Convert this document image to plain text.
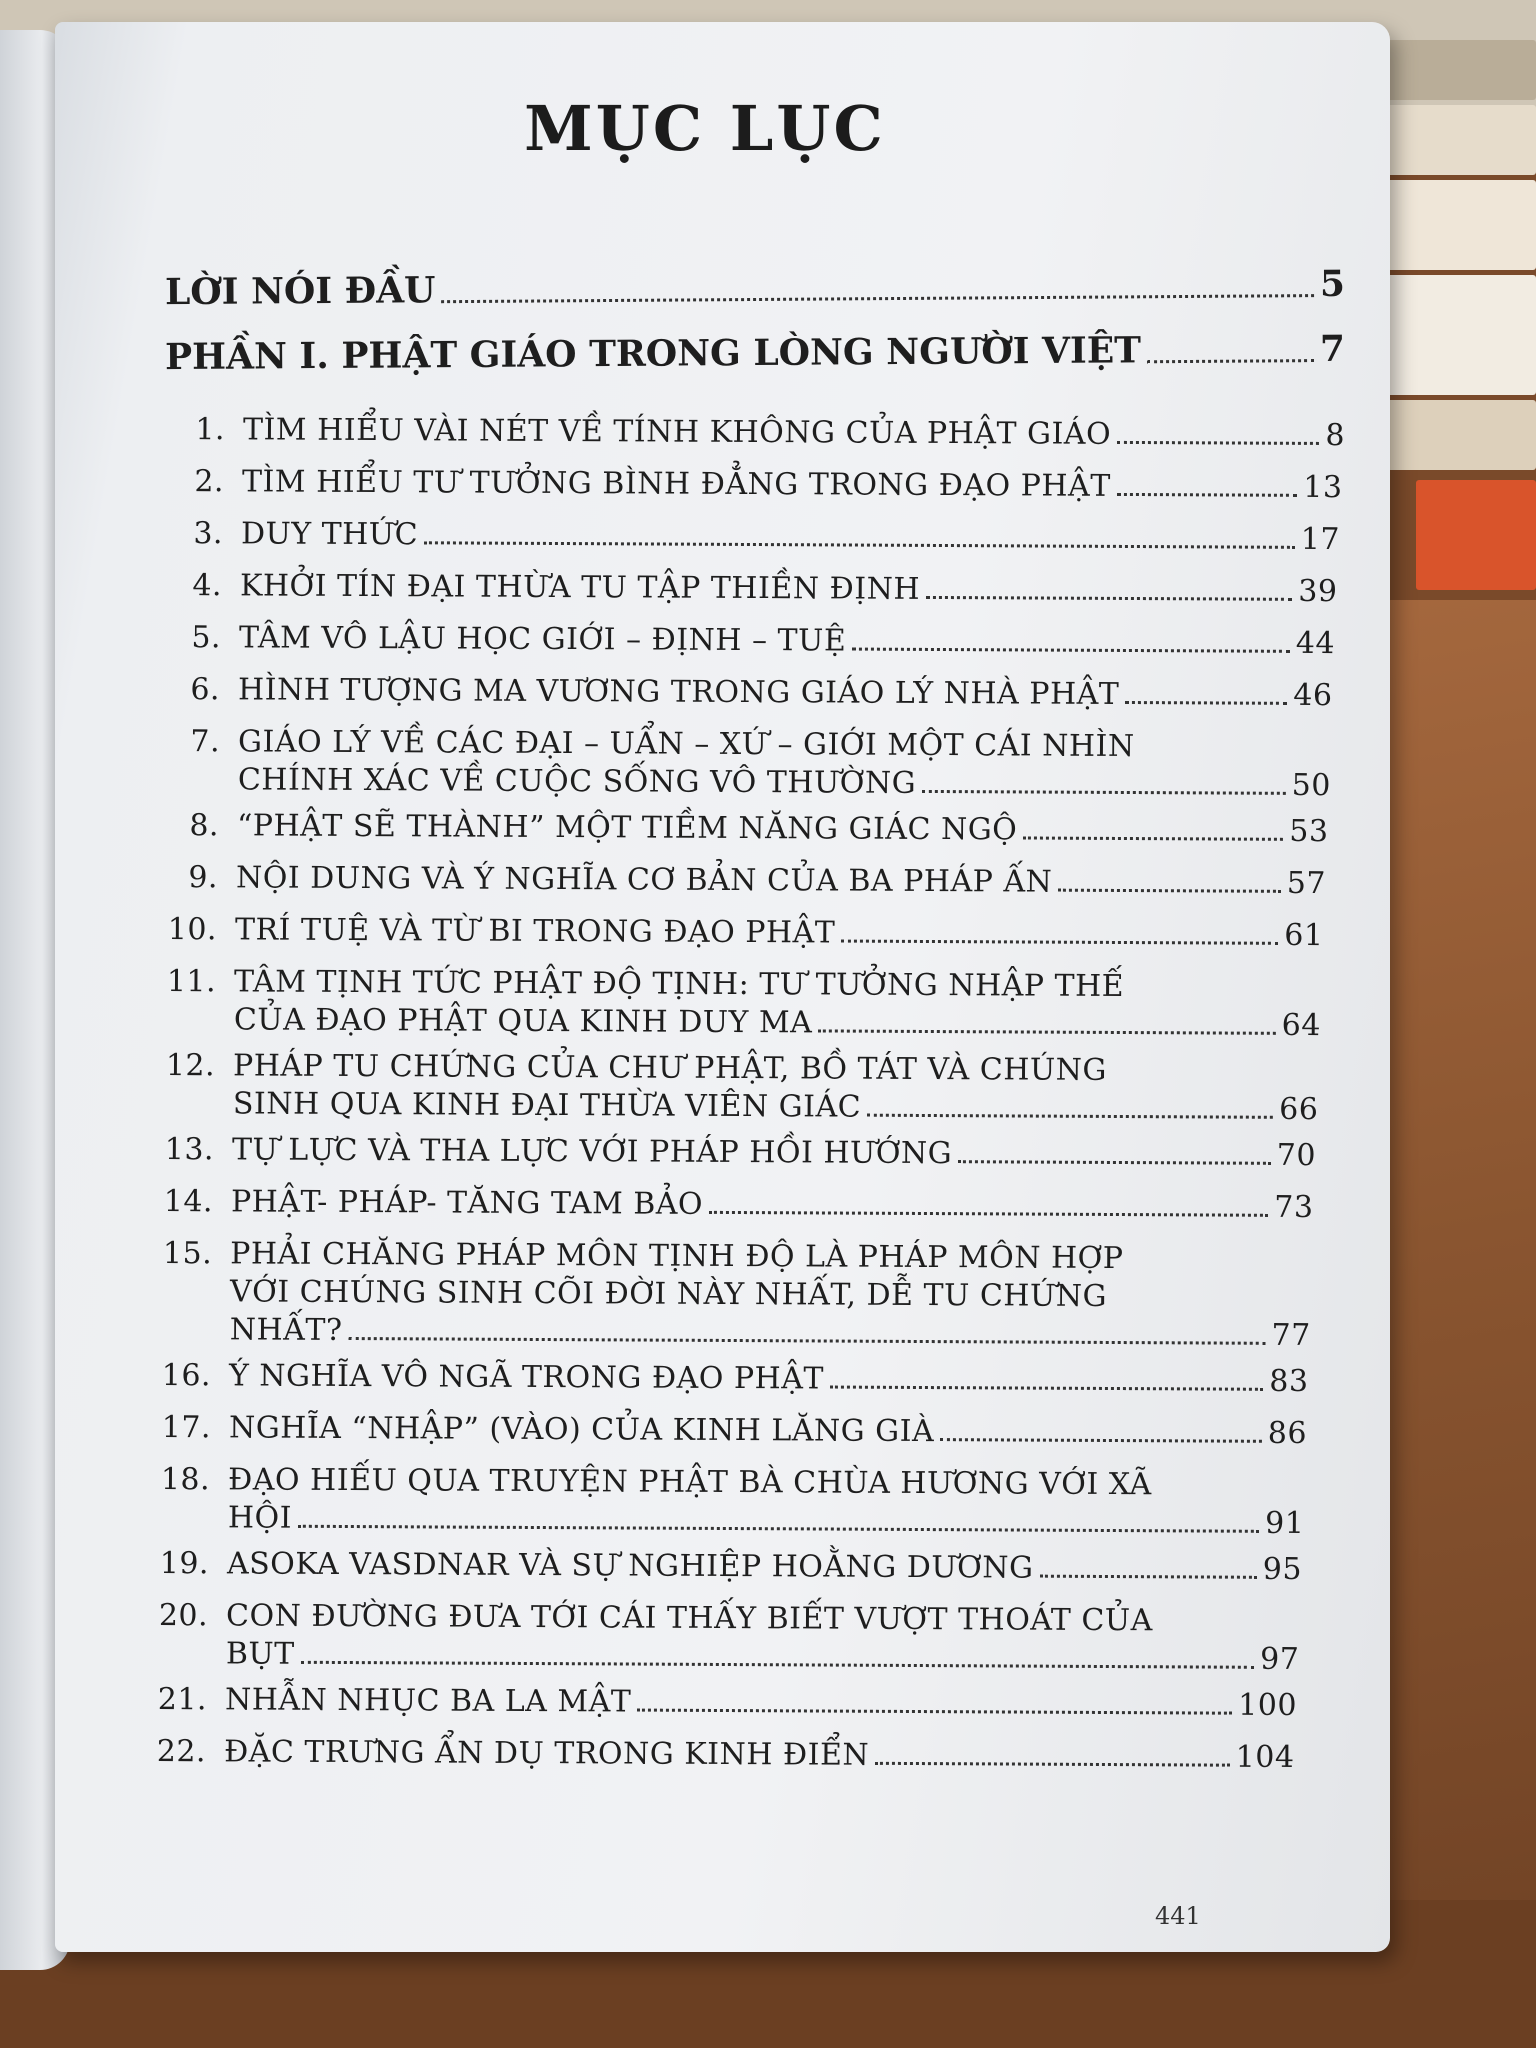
MỤC LỤC
LỜI NÓI ĐẦU	5
PHẦN I. PHẬT GIÁO TRONG LÒNG NGƯỜI VIỆT	7
1. TÌM HIỂU VÀI NÉT VỀ TÍNH KHÔNG CỦA PHẬT GIÁO	8
2. TÌM HIỂU TƯ TƯỞNG BÌNH ĐẲNG TRONG ĐẠO PHẬT	13
3. DUY THỨC	17
4. KHỞI TÍN ĐẠI THỪA TU TẬP THIỀN ĐỊNH	39
5. TÂM VÔ LẬU HỌC GIỚI – ĐỊNH – TUỆ	44
6. HÌNH TƯỢNG MA VƯƠNG TRONG GIÁO LÝ NHÀ PHẬT	46
7. GIÁO LÝ VỀ CÁC ĐẠI – UẨN – XỨ – GIỚI MỘT CÁI NHÌN
CHÍNH XÁC VỀ CUỘC SỐNG VÔ THƯỜNG	50
8. “PHẬT SẼ THÀNH” MỘT TIỀM NĂNG GIÁC NGỘ	53
9. NỘI DUNG VÀ Ý NGHĨA CƠ BẢN CỦA BA PHÁP ẤN	57
10. TRÍ TUỆ VÀ TỪ BI TRONG ĐẠO PHẬT	61
11. TÂM TỊNH TỨC PHẬT ĐỘ TỊNH: TƯ TƯỞNG NHẬP THẾ
CỦA ĐẠO PHẬT QUA KINH DUY MA	64
12. PHÁP TU CHỨNG CỦA CHƯ PHẬT, BỒ TÁT VÀ CHÚNG
SINH QUA KINH ĐẠI THỪA VIÊN GIÁC	66
13. TỰ LỰC VÀ THA LỰC VỚI PHÁP HỒI HƯỚNG	70
14. PHẬT- PHÁP- TĂNG TAM BẢO	73
15. PHẢI CHĂNG PHÁP MÔN TỊNH ĐỘ LÀ PHÁP MÔN HỢP
VỚI CHÚNG SINH CÕI ĐỜI NÀY NHẤT, DỄ TU CHỨNG
NHẤT?	77
16. Ý NGHĨA VÔ NGÃ TRONG ĐẠO PHẬT	83
17. NGHĨA “NHẬP” (VÀO) CỦA KINH LĂNG GIÀ	86
18. ĐẠO HIẾU QUA TRUYỆN PHẬT BÀ CHÙA HƯƠNG VỚI XÃ
HỘI	91
19. ASOKA VASDNAR VÀ SỰ NGHIỆP HOẰNG DƯƠNG	95
20. CON ĐƯỜNG ĐƯA TỚI CÁI THẤY BIẾT VƯỢT THOÁT CỦA
BỤT	97
21. NHẪN NHỤC BA LA MẬT	100
22. ĐẶC TRƯNG ẨN DỤ TRONG KINH ĐIỂN	104
441
